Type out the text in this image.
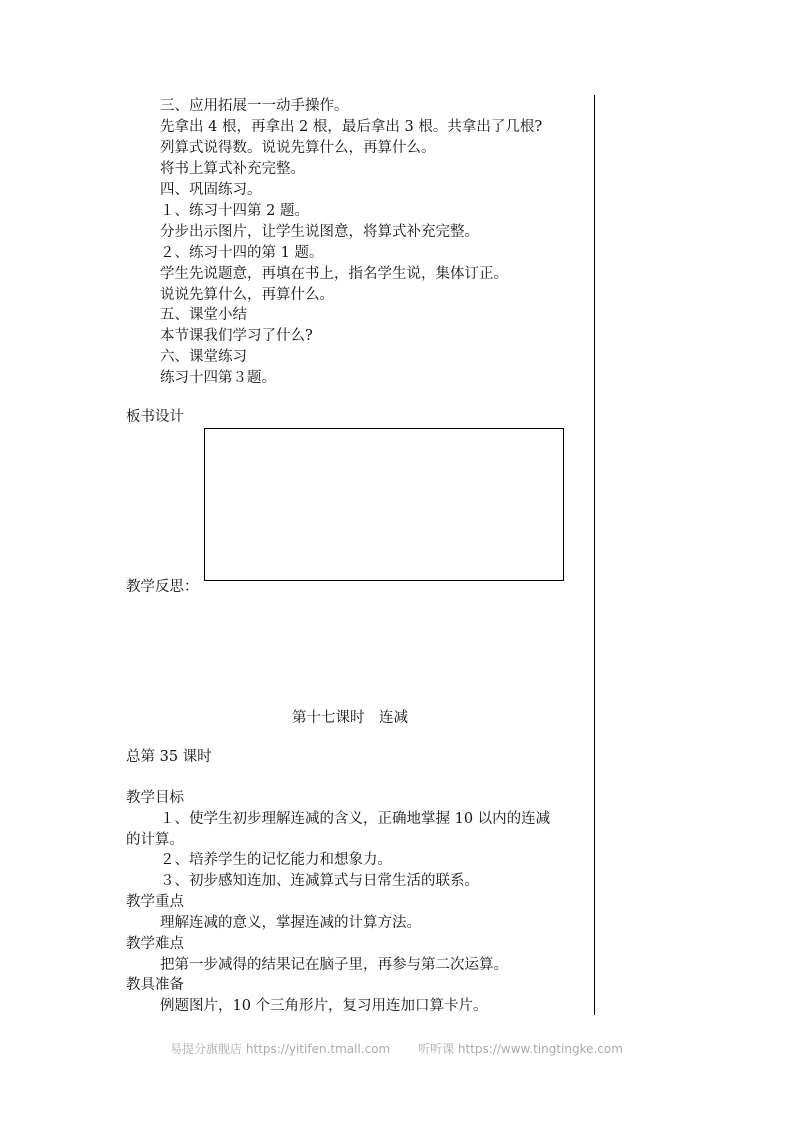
三、应用拓展一一动手操作。
先拿出 4 根，再拿出 2 根，最后拿出 3 根。共拿出了几根?
列算式说得数。说说先算什么，再算什么。
将书上算式补充完整。
四、巩固练习。
１、练习十四第 2 题。
分步出示图片，让学生说图意，将算式补充完整。
２、练习十四的第 1 题。
学生先说题意，再填在书上，指名学生说，集体订正。
说说先算什么，再算什么。
五、课堂小结
本节课我们学习了什么?
六、课堂练习
练习十四第３题。
板书设计
教学反思：
第十七课时　连减
总第 35 课时
教学目标
１、使学生初步理解连减的含义，正确地掌握 10 以内的连减
的计算。
２、培养学生的记忆能力和想象力。
３、初步感知连加、连减算式与日常生活的联系。
教学重点
理解连减的意义，掌握连减的计算方法。
教学难点
把第一步减得的结果记在脑子里，再参与第二次运算。
教具准备
例题图片，10 个三角形片，复习用连加口算卡片。
易提分旗舰店 https://yitifen.tmall.com 听听课 https://www.tingtingke.com
